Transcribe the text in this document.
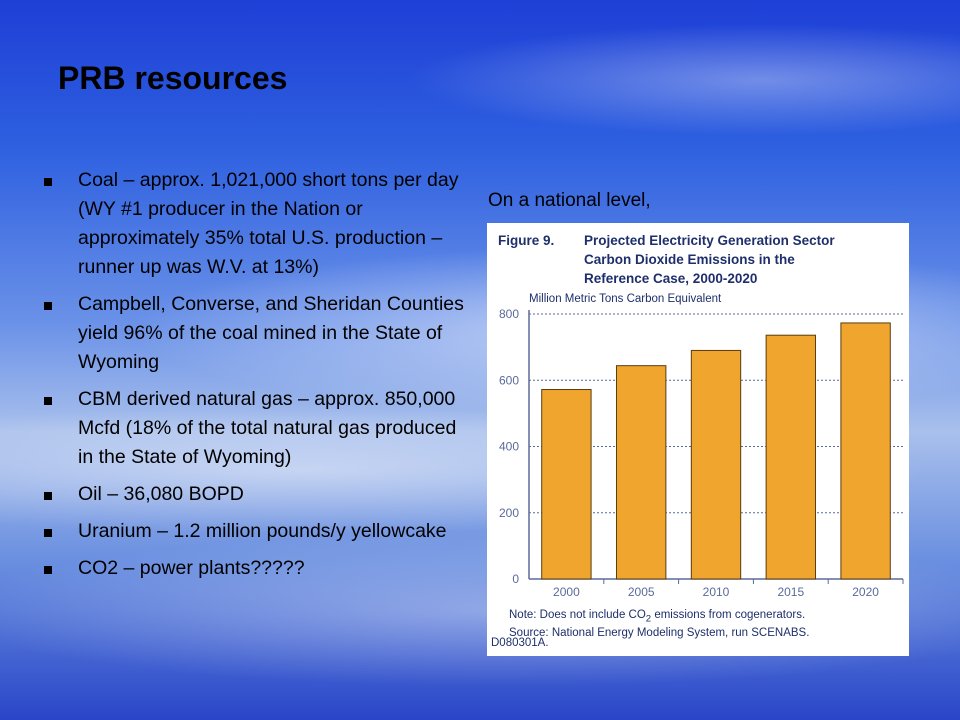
PRB resources
Coal – approx. 1,021,000 short tons per day (WY #1 producer in the Nation or approximately 35% total U.S. production – runner up was W.V. at 13%)
Campbell, Converse, and Sheridan Counties yield 96% of the coal mined in the State of Wyoming
CBM derived natural gas – approx. 850,000 Mcfd (18% of the total natural gas produced in the State of Wyoming)
Oil – 36,080 BOPD
Uranium – 1.2 million pounds/y yellowcake
CO2 – power plants?????
On a national level,
Figure 9. Projected Electricity Generation Sector
Carbon Dioxide Emissions in the
Reference Case, 2000-2020
Million Metric Tons Carbon Equivalent
0
200
400
600
800
2000	2005	2010	2015	2020
Note: Does not include $CO_2$ emissions from cogenerators.
Source: National Energy Modeling System, run SCENABS.
D080301A.
